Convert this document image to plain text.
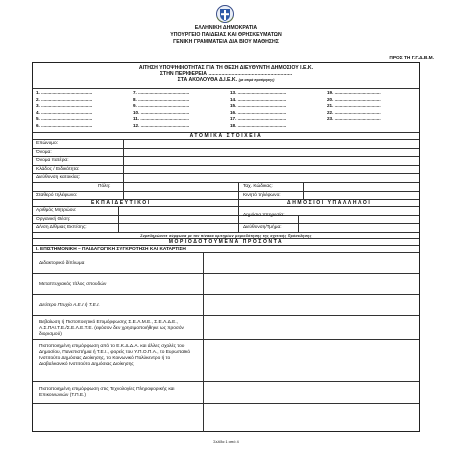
ΕΛΛΗΝΙΚΗ ΔΗΜΟΚΡΑΤΙΑ
ΥΠΟΥΡΓΕΙΟ ΠΑΙΔΕΙΑΣ ΚΑΙ ΘΡΗΣΚΕΥΜΑΤΩΝ
ΓΕΝΙΚΗ ΓΡΑΜΜΑΤΕΙΑ ΔΙΑ ΒΙΟΥ ΜΑΘΗΣΗΣ
ΠΡΟΣ ΤΗ Γ.Γ.Δ.Β.Μ.
ΑΙΤΗΣΗ ΥΠΟΨΗΦΙΟΤΗΤΑΣ ΓΙΑ ΤΗ ΘΕΣΗ ΔΙΕΥΘΥΝΤΗ ΔΗΜΟΣΙΟΥ Ι.Ε.Κ.
ΣΤΗΝ ΠΕΡΙΦΕΡΕΙΑ ..........................................................
ΣΤΑ ΑΚΟΛΟΥΘΑ Δ.Ι.Ε.Κ. (με σειρά προτίμησης)
1. ........................................
2. ........................................
3. ........................................
4. ........................................
5. ........................................
6. ........................................
7. ........................................
8. ........................................
9. ........................................
10. ......................................
11. ......................................
12. ......................................
13. ......................................
14. ......................................
15. ......................................
16. ......................................
17. ......................................
18. ......................................
19. ....................................
20. ....................................
21. ....................................
22. ....................................
23. ....................................
ΑΤΟΜΙΚΑ ΣΤΟΙΧΕΙΑ
Επώνυμο:
Όνομα:
Όνομα πατέρα:
Κλάδος / Ειδικότητα:
Διεύθυνση κατοικίας:
Πόλη:	Ταχ. Κώδικας:
Σταθερό τηλέφωνο:	Κινητό τηλέφωνο:
ΕΚΠΑΙΔΕΥΤΙΚΟΙ	ΔΗΜΟΣΙΟΙ ΥΠΑΛΛΗΛΟΙ
Αριθμός Μητρώου:
Οργανική Θέση:
Δημόσια Υπηρεσία:
Δ/νση Δ/θμιας Εκπ/σης:	Διεύθυνση/Τμήμα:
Συμπληρώνετε σύμφωνα με τον πίνακα κριτηρίων μοριοδότησης της σχετικής Πρόσκλησης
ΜΟΡΙΟΔΟΤΟΥΜΕΝΑ ΠΡΟΣΟΝΤΑ
Ι. ΕΠΙΣΤΗΜΟΝΙΚΗ – ΠΑΙΔΑΓΩΓΙΚΗ ΣΥΓΚΡΟΤΗΣΗ ΚΑΙ ΚΑΤΑΡΤΙΣΗ
Διδακτορικό δίπλωμα
Μεταπτυχιακός τίτλος σπουδών
Δεύτερο Πτυχίο Α.Ε.Ι ή Τ.Ε.Ι.
Βεβαίωση ή Πιστοποιητικό Επιμόρφωσης Σ.Ε.Λ.Μ.Ε., Σ.Ε.Λ.Δ.Ε., Α.Σ.ΠΑΙ.Τ.Ε./Σ.Ε.Λ.Ε.Τ.Ε. (εφόσον δεν χρησιμοποιήθηκε ως προσόν διορισμού)
Πιστοποιημένη επιμόρφωση από το Ε.Κ.Δ.Δ.Α. και άλλες σχολές του Δημοσίου, Πανεπιστήμια ή Τ.Ε.Ι., φορείς του Υ.Π.Ο.Π.Α., το Ευρωπαϊκό Ινστιτούτο Δημόσιας Διοίκησης, το Κοινωνικό Πολύκεντρο ή το Διαβαλκανικό Ινστιτούτο Δημόσιας Διοίκησης
Πιστοποιημένη επιμόρφωση στις Τεχνολογίες Πληροφορικής και Επικοινωνιών (Τ.Π.Ε.)
Σελίδα 1 από 4
